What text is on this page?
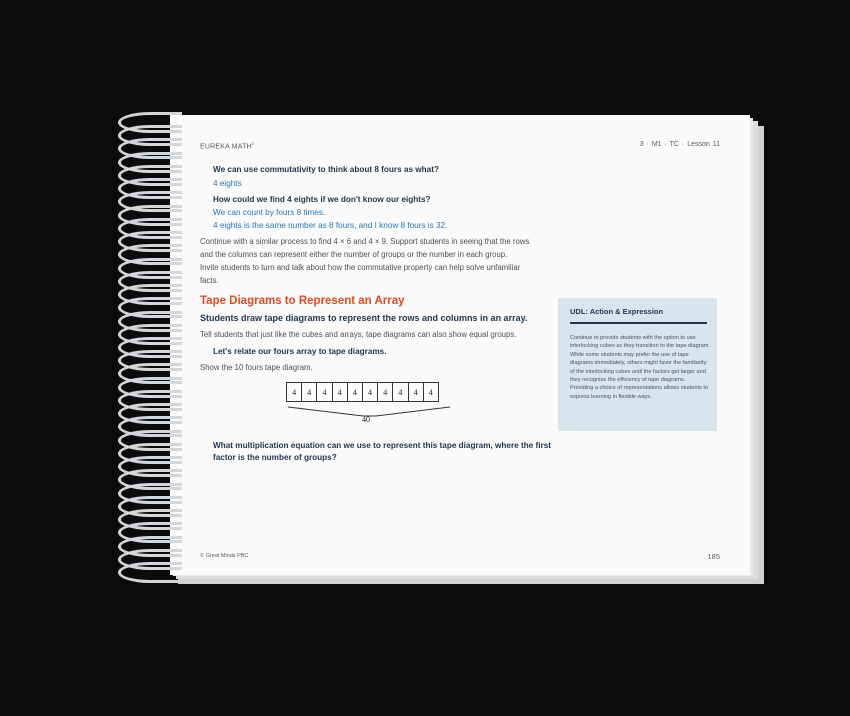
EUREKA MATH$^2$	3 · M1 · TC · Lesson 11

We can use commutativity to think about 8 fours as what?

4 eights

How could we find 4 eights if we don't know our eights?

We can count by fours 8 times.

4 eights is the same number as 8 fours, and I know 8 fours is 32.

Continue with a similar process to find 4 × 6 and 4 × 9. Support students in seeing that the rows and the columns can represent either the number of groups or the number in each group.

Invite students to turn and talk about how the commutative property can help solve unfamiliar facts.

Tape Diagrams to Represent an Array

Students draw tape diagrams to represent the rows and columns in an array.

Tell students that just like the cubes and arrays, tape diagrams can also show equal groups.

Let's relate our fours array to tape diagrams.

Show the 10 fours tape diagram.

4	4	4	4	4	4	4	4	4	4
40

What multiplication equation can we use to represent this tape diagram, where the first factor is the number of groups?

UDL: Action & Expression

Continue to provide students with the option to use interlocking cubes as they transition to the tape diagram. While some students may prefer the use of tape diagrams immediately, others might favor the familiarity of the interlocking cubes until the factors get larger and they recognize the efficiency of tape diagrams. Providing a choice of representations allows students to express learning in flexible ways.

© Great Minds PBC	185
